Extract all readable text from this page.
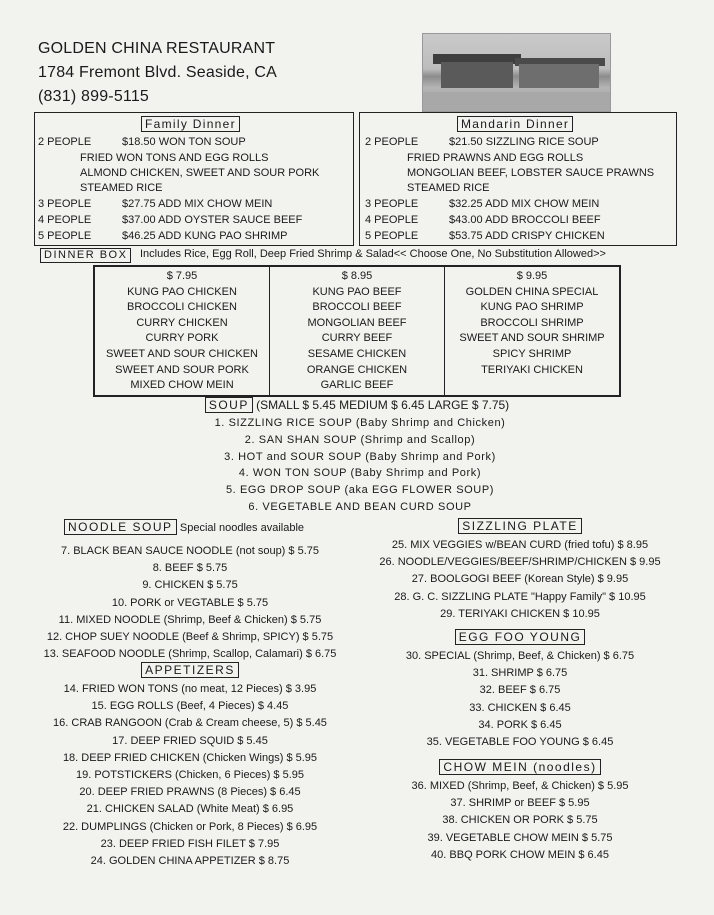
GOLDEN CHINA RESTAURANT
1784 Fremont Blvd. Seaside, CA
(831) 899-5115
Family Dinner
2 PEOPLE	$18.50 WON TON SOUP
FRIED WON TONS AND EGG ROLLS
ALMOND CHICKEN, SWEET AND SOUR PORK
STEAMED RICE
3 PEOPLE	$27.75 ADD MIX CHOW MEIN
4 PEOPLE	$37.00 ADD OYSTER SAUCE BEEF
5 PEOPLE	$46.25 ADD KUNG PAO SHRIMP
Mandarin Dinner
2 PEOPLE	$21.50 SIZZLING RICE SOUP
FRIED PRAWNS AND EGG ROLLS
MONGOLIAN BEEF, LOBSTER SAUCE PRAWNS
STEAMED RICE
3 PEOPLE	$32.25 ADD MIX CHOW MEIN
4 PEOPLE	$43.00 ADD BROCCOLI BEEF
5 PEOPLE	$53.75 ADD CRISPY CHICKEN
DINNER BOX	Includes Rice, Egg Roll, Deep Fried Shrimp & Salad<< Choose One, No Substitution Allowed>>
$ 7.95
KUNG PAO CHICKEN
BROCCOLI CHICKEN
CURRY CHICKEN
CURRY PORK
SWEET AND SOUR CHICKEN
SWEET AND SOUR PORK
MIXED CHOW MEIN
$ 8.95
KUNG PAO BEEF
BROCCOLI BEEF
MONGOLIAN BEEF
CURRY BEEF
SESAME CHICKEN
ORANGE CHICKEN
GARLIC BEEF
$ 9.95
GOLDEN CHINA SPECIAL
KUNG PAO SHRIMP
BROCCOLI SHRIMP
SWEET AND SOUR SHRIMP
SPICY SHRIMP
TERIYAKI CHICKEN
SOUP (SMALL $ 5.45 MEDIUM $ 6.45 LARGE $ 7.75)
1. SIZZLING RICE SOUP (Baby Shrimp and Chicken)
2. SAN SHAN SOUP (Shrimp and Scallop)
3. HOT and SOUR SOUP (Baby Shrimp and Pork)
4. WON TON SOUP (Baby Shrimp and Pork)
5. EGG DROP SOUP (aka EGG FLOWER SOUP)
6. VEGETABLE AND BEAN CURD SOUP
NOODLE SOUP Special noodles available
7. BLACK BEAN SAUCE NOODLE (not soup) $ 5.75
8. BEEF $ 5.75
9. CHICKEN $ 5.75
10. PORK or VEGTABLE $ 5.75
11. MIXED NOODLE (Shrimp, Beef & Chicken) $ 5.75
12. CHOP SUEY NOODLE (Beef & Shrimp, SPICY) $ 5.75
13. SEAFOOD NOODLE (Shrimp, Scallop, Calamari) $ 6.75
APPETIZERS
14. FRIED WON TONS (no meat, 12 Pieces) $ 3.95
15. EGG ROLLS (Beef, 4 Pieces) $ 4.45
16. CRAB RANGOON (Crab & Cream cheese, 5) $ 5.45
17. DEEP FRIED SQUID $ 5.45
18. DEEP FRIED CHICKEN (Chicken Wings) $ 5.95
19. POTSTICKERS (Chicken, 6 Pieces) $ 5.95
20. DEEP FRIED PRAWNS (8 Pieces) $ 6.45
21. CHICKEN SALAD (White Meat) $ 6.95
22. DUMPLINGS (Chicken or Pork, 8 Pieces) $ 6.95
23. DEEP FRIED FISH FILET $ 7.95
24. GOLDEN CHINA APPETIZER $ 8.75
SIZZLING PLATE
25. MIX VEGGIES w/BEAN CURD (fried tofu) $ 8.95
26. NOODLE/VEGGIES/BEEF/SHRIMP/CHICKEN $ 9.95
27. BOOLGOGI BEEF (Korean Style) $ 9.95
28. G. C. SIZZLING PLATE "Happy Family" $ 10.95
29. TERIYAKI CHICKEN $ 10.95
EGG FOO YOUNG
30. SPECIAL (Shrimp, Beef, & Chicken) $ 6.75
31. SHRIMP $ 6.75
32. BEEF $ 6.75
33. CHICKEN $ 6.45
34. PORK $ 6.45
35. VEGETABLE FOO YOUNG $ 6.45
CHOW MEIN (noodles)
36. MIXED (Shrimp, Beef, & Chicken) $ 5.95
37. SHRIMP or BEEF $ 5.95
38. CHICKEN OR PORK $ 5.75
39. VEGETABLE CHOW MEIN $ 5.75
40. BBQ PORK CHOW MEIN $ 6.45
